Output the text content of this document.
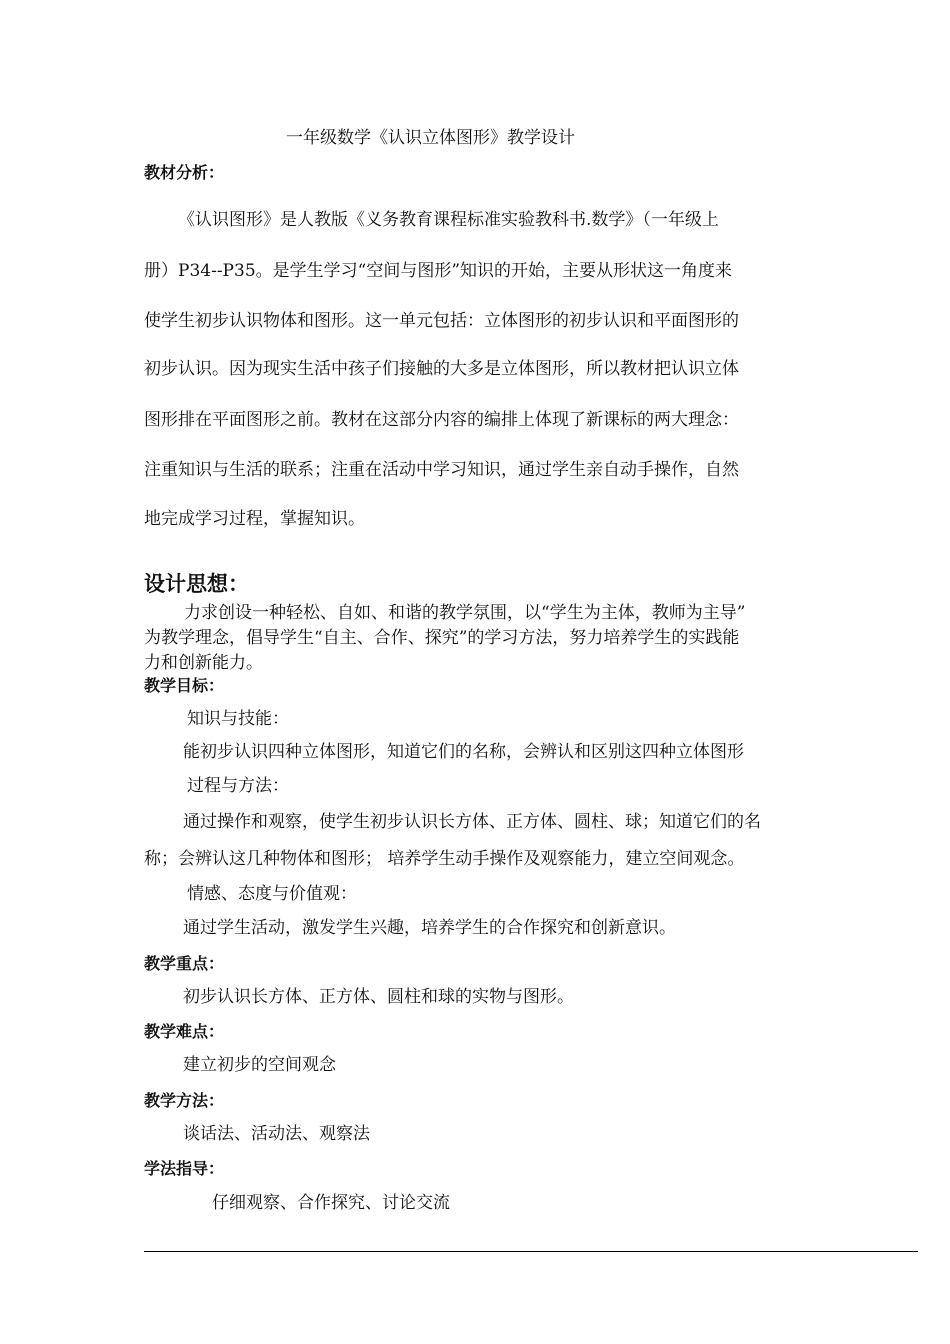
一年级数学《认识立体图形》教学设计
教材分析：
《认识图形》是人教版《义务教育课程标准实验教科书.数学》（一年级上
册）P34--P35。是学生学习“空间与图形”知识的开始，主要从形状这一角度来
使学生初步认识物体和图形。这一单元包括：立体图形的初步认识和平面图形的
初步认识。因为现实生活中孩子们接触的大多是立体图形，所以教材把认识立体
图形排在平面图形之前。教材在这部分内容的编排上体现了新课标的两大理念：
注重知识与生活的联系；注重在活动中学习知识，通过学生亲自动手操作，自然
地完成学习过程，掌握知识。
设计思想：
力求创设一种轻松、自如、和谐的教学氛围，以“学生为主体，教师为主导”
为教学理念，倡导学生“自主、合作、探究”的学习方法，努力培养学生的实践能
力和创新能力。
教学目标：
知识与技能：
能初步认识四种立体图形，知道它们的名称，会辨认和区别这四种立体图形
过程与方法：
通过操作和观察，使学生初步认识长方体、正方体、圆柱、球；知道它们的名
称；会辨认这几种物体和图形； 培养学生动手操作及观察能力，建立空间观念。
情感、态度与价值观：
通过学生活动，激发学生兴趣，培养学生的合作探究和创新意识。
教学重点：
初步认识长方体、正方体、圆柱和球的实物与图形。
教学难点：
建立初步的空间观念
教学方法：
谈话法、活动法、观察法
学法指导：
仔细观察、合作探究、讨论交流
